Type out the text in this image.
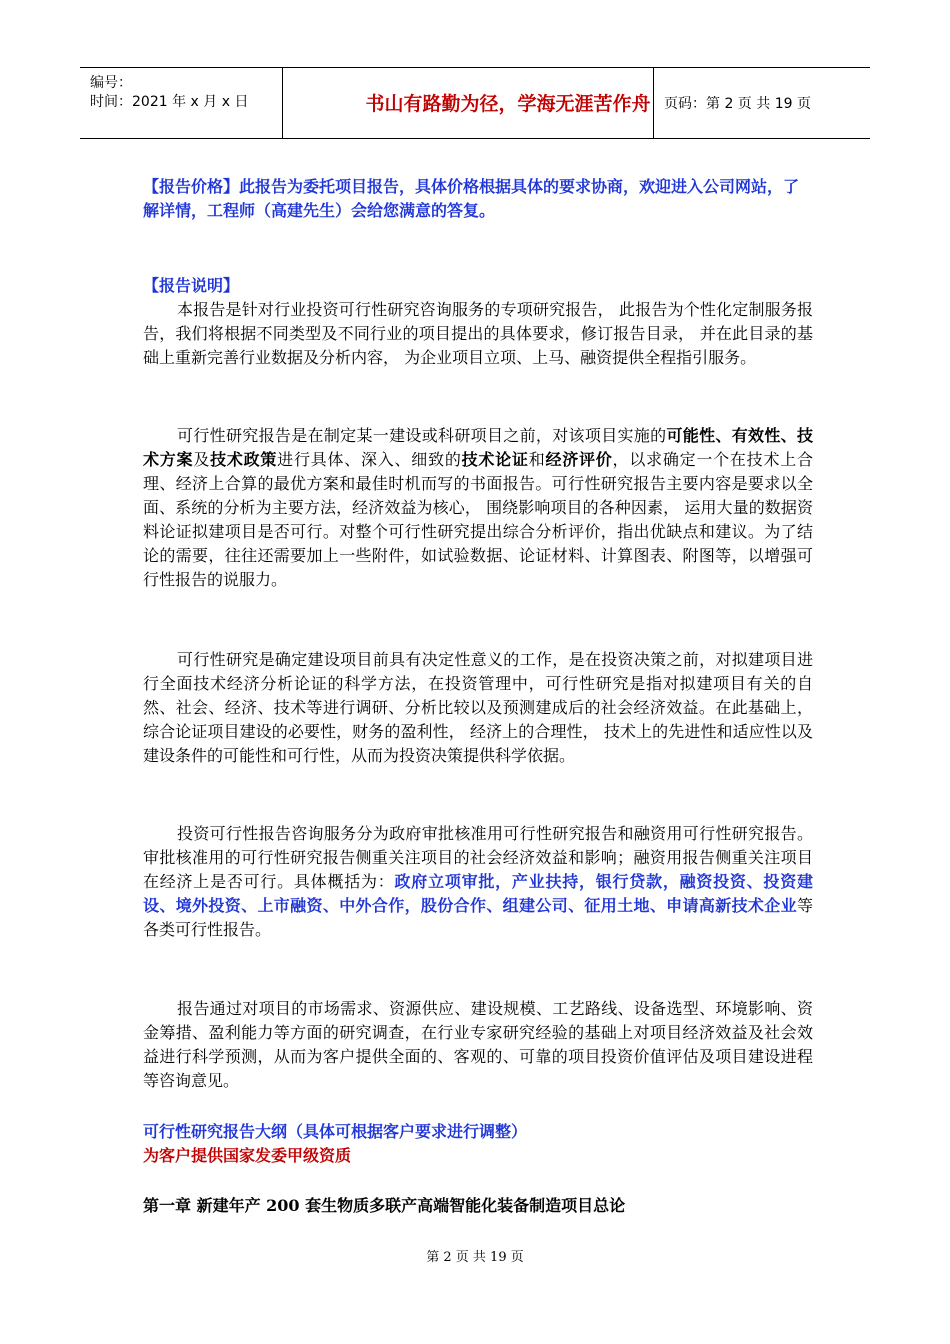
编号：
时间：2021 年 x 月 x 日	书山有路勤为径，学海无涯苦作舟 页码：第 2 页 共 19 页

【报告价格】此报告为委托项目报告，具体价格根据具体的要求协商，欢迎进入公司网站，了解详情，工程师（高建先生）会给您满意的答复。

【报告说明】

本报告是针对行业投资可行性研究咨询服务的专项研究报告， 此报告为个性化定制服务报告，我们将根据不同类型及不同行业的项目提出的具体要求，修订报告目录， 并在此目录的基础上重新完善行业数据及分析内容， 为企业项目立项、上马、融资提供全程指引服务。

可行性研究报告是在制定某一建设或科研项目之前，对该项目实施的可能性、有效性、技术方案及技术政策进行具体、深入、细致的技术论证和经济评价，以求确定一个在技术上合理、经济上合算的最优方案和最佳时机而写的书面报告。可行性研究报告主要内容是要求以全面、系统的分析为主要方法，经济效益为核心， 围绕影响项目的各种因素， 运用大量的数据资料论证拟建项目是否可行。对整个可行性研究提出综合分析评价，指出优缺点和建议。为了结论的需要，往往还需要加上一些附件，如试验数据、论证材料、计算图表、附图等，以增强可行性报告的说服力。

可行性研究是确定建设项目前具有决定性意义的工作，是在投资决策之前，对拟建项目进行全面技术经济分析论证的科学方法，在投资管理中，可行性研究是指对拟建项目有关的自然、社会、经济、技术等进行调研、分析比较以及预测建成后的社会经济效益。在此基础上，综合论证项目建设的必要性，财务的盈利性， 经济上的合理性， 技术上的先进性和适应性以及建设条件的可能性和可行性，从而为投资决策提供科学依据。

投资可行性报告咨询服务分为政府审批核准用可行性研究报告和融资用可行性研究报告。 审批核准用的可行性研究报告侧重关注项目的社会经济效益和影响；融资用报告侧重关注项目在经济上是否可行。具体概括为：政府立项审批，产业扶持，银行贷款，融资投资、投资建设、境外投资、上市融资、中外合作，股份合作、组建公司、征用土地、申请高新技术企业等各类可行性报告。

报告通过对项目的市场需求、资源供应、建设规模、工艺路线、设备选型、环境影响、资金筹措、盈利能力等方面的研究调查，在行业专家研究经验的基础上对项目经济效益及社会效益进行科学预测，从而为客户提供全面的、客观的、可靠的项目投资价值评估及项目建设进程等咨询意见。

可行性研究报告大纲（具体可根据客户要求进行调整）

为客户提供国家发委甲级资质

第一章 新建年产 200 套生物质多联产高端智能化装备制造项目总论

第 2 页 共 19 页
